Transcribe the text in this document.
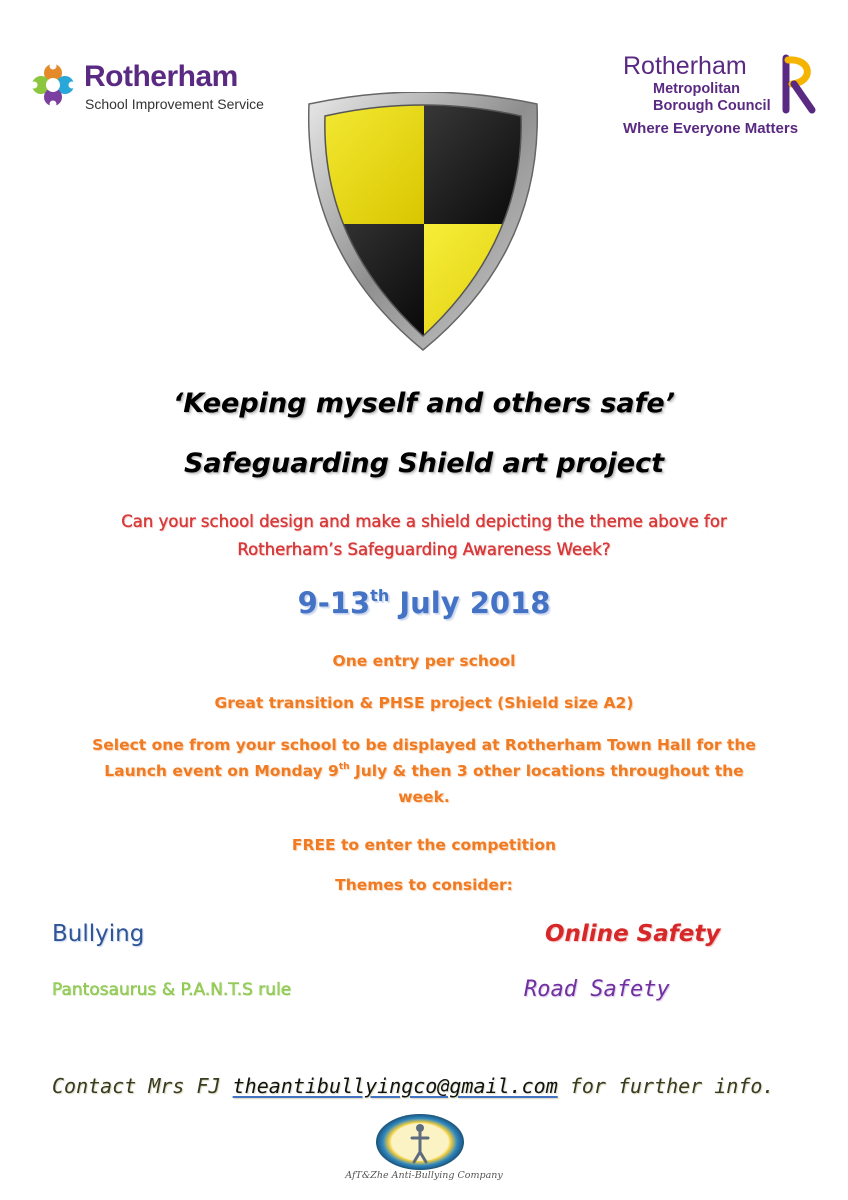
Rotherham
School Improvement Service
Rotherham
Metropolitan
Borough Council
Where Everyone Matters
‘Keeping myself and others safe’
Safeguarding Shield art project
Can your school design and make a shield depicting the theme above for
Rotherham’s Safeguarding Awareness Week?
9-13th July 2018
One entry per school
Great transition & PHSE project (Shield size A2)
Select one from your school to be displayed at Rotherham Town Hall for the
Launch event on Monday 9th July & then 3 other locations throughout the
week.
FREE to enter the competition
Themes to consider:
Bullying	Online Safety
Pantosaurus & P.A.N.T.S rule	Road Safety
Contact Mrs FJ theantibullyingco@gmail.com for further info.
AfT&Zhe Anti-Bullying Company
